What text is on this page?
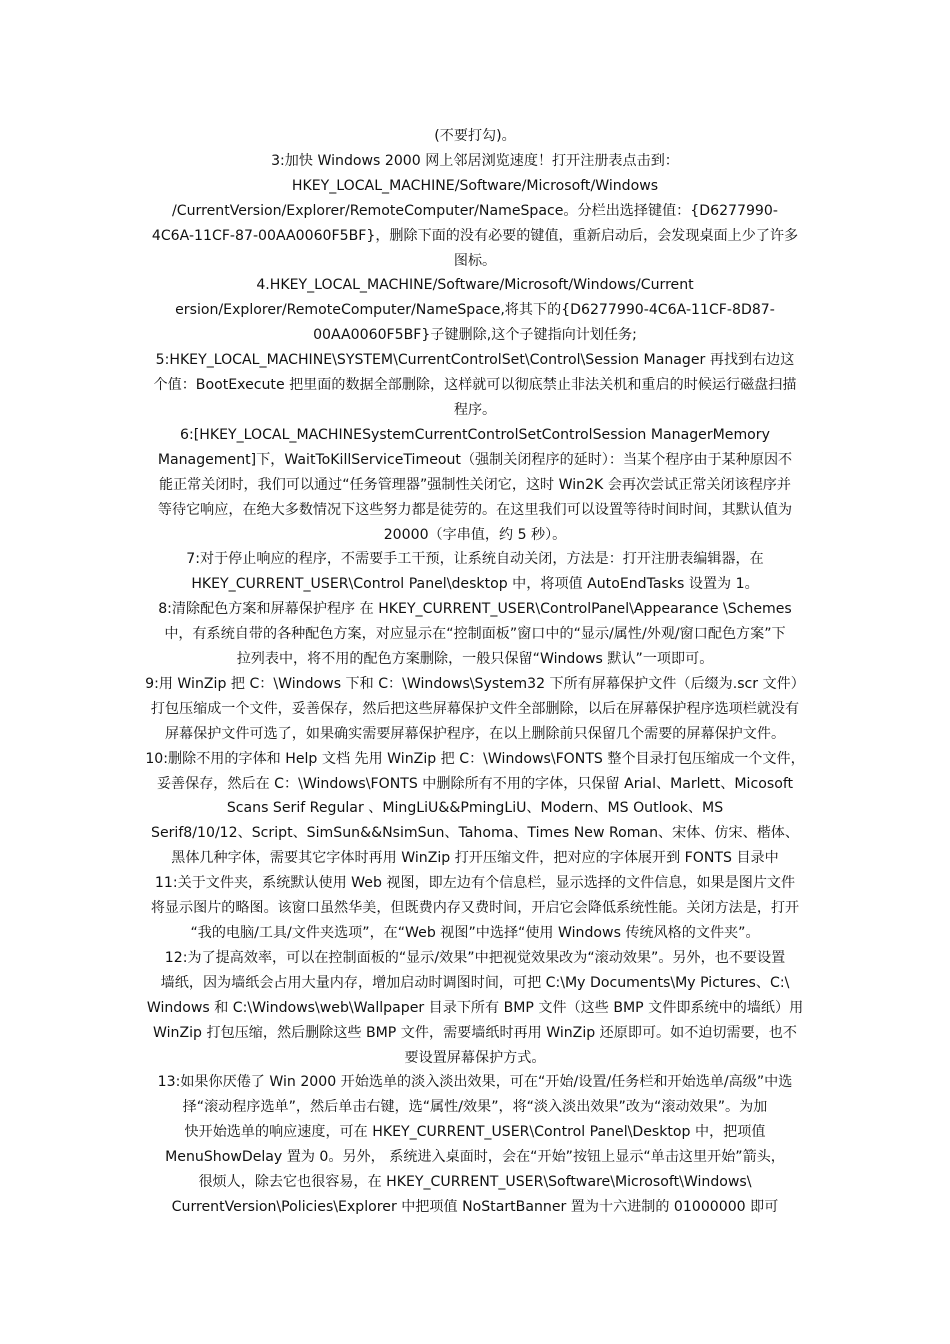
(不要打勾)。
3:加快 Windows 2000 网上邻居浏览速度！打开注册表点击到：
HKEY_LOCAL_MACHINE/Software/Microsoft/Windows
/CurrentVersion/Explorer/RemoteComputer/NameSpace。分栏出选择键值：{D6277990-
4C6A-11CF-87-00AA0060F5BF}，删除下面的没有必要的键值，重新启动后，会发现桌面上少了许多
图标。
4.HKEY_LOCAL_MACHINE/Software/Microsoft/Windows/Current
ersion/Explorer/RemoteComputer/NameSpace,将其下的{D6277990-4C6A-11CF-8D87-
00AA0060F5BF}子键删除,这个子键指向计划任务;
5:HKEY_LOCAL_MACHINE\SYSTEM\CurrentControlSet\Control\Session Manager 再找到右边这
个值：BootExecute 把里面的数据全部删除，这样就可以彻底禁止非法关机和重启的时候运行磁盘扫描
程序。
6:[HKEY_LOCAL_MACHINESystemCurrentControlSetControlSession ManagerMemory
Management]下，WaitToKillServiceTimeout（强制关闭程序的延时）：当某个程序由于某种原因不
能正常关闭时，我们可以通过“任务管理器”强制性关闭它，这时 Win2K 会再次尝试正常关闭该程序并
等待它响应，在绝大多数情况下这些努力都是徒劳的。在这里我们可以设置等待时间时间，其默认值为
20000（字串值，约 5 秒）。
7:对于停止响应的程序，不需要手工干预，让系统自动关闭，方法是：打开注册表编辑器，在
HKEY_CURRENT_USER\Control Panel\desktop 中，将项值 AutoEndTasks 设置为 1。
8:清除配色方案和屏幕保护程序 在 HKEY_CURRENT_USER\ControlPanel\Appearance \Schemes
中，有系统自带的各种配色方案，对应显示在“控制面板”窗口中的“显示/属性/外观/窗口配色方案”下
拉列表中，将不用的配色方案删除，一般只保留“Windows 默认”一项即可。
9:用 WinZip 把 C：\Windows 下和 C：\Windows\System32 下所有屏幕保护文件（后缀为.scr 文件）
打包压缩成一个文件，妥善保存，然后把这些屏幕保护文件全部删除，以后在屏幕保护程序选项栏就没有
屏幕保护文件可选了，如果确实需要屏幕保护程序，在以上删除前只保留几个需要的屏幕保护文件。
10:删除不用的字体和 Help 文档 先用 WinZip 把 C：\Windows\FONTS 整个目录打包压缩成一个文件，
妥善保存，然后在 C：\Windows\FONTS 中删除所有不用的字体，只保留 Arial、Marlett、Micosoft
Scans Serif Regular 、MingLiU&&PmingLiU、Modern、MS Outlook、MS
Serif8/10/12、Script、SimSun&&NsimSun、Tahoma、Times New Roman、宋体、仿宋、楷体、
黑体几种字体，需要其它字体时再用 WinZip 打开压缩文件，把对应的字体展开到 FONTS 目录中
11:关于文件夹，系统默认使用 Web 视图，即左边有个信息栏，显示选择的文件信息，如果是图片文件
将显示图片的略图。该窗口虽然华美，但既费内存又费时间，开启它会降低系统性能。关闭方法是，打开
“我的电脑/工具/文件夹选项”，在“Web 视图”中选择“使用 Windows 传统风格的文件夹”。
12:为了提高效率，可以在控制面板的“显示/效果”中把视觉效果改为“滚动效果”。另外，也不要设置
墙纸，因为墙纸会占用大量内存，增加启动时调图时间，可把 C:\My Documents\My Pictures、C:\
Windows 和 C:\Windows\web\Wallpaper 目录下所有 BMP 文件（这些 BMP 文件即系统中的墙纸）用
WinZip 打包压缩，然后删除这些 BMP 文件，需要墙纸时再用 WinZip 还原即可。如不迫切需要，也不
要设置屏幕保护方式。
13:如果你厌倦了 Win 2000 开始选单的淡入淡出效果，可在“开始/设置/任务栏和开始选单/高级”中选
择“滚动程序选单”，然后单击右键，选“属性/效果”，将“淡入淡出效果”改为“滚动效果”。为加
快开始选单的响应速度，可在 HKEY_CURRENT_USER\Control Panel\Desktop 中，把项值
MenuShowDelay 置为 0。另外， 系统进入桌面时，会在“开始”按钮上显示“单击这里开始”箭头，
很烦人，除去它也很容易，在 HKEY_CURRENT_USER\Software\Microsoft\Windows\
CurrentVersion\Policies\Explorer 中把项值 NoStartBanner 置为十六进制的 01000000 即可
